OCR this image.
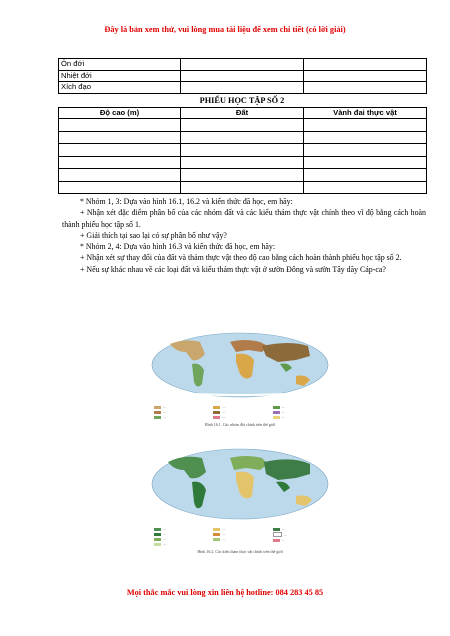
Đây là bản xem thử, vui lòng mua tài liệu để xem chi tiết (có lời giải)
Ôn đới		
Nhiệt đới		
Xích đạo		
PHIẾU HỌC TẬP SỐ 2
Độ cao (m)	Đất	Vành đai thực vật

* Nhóm 1, 3: Dựa vào hình 16.1, 16.2 và kiến thức đã học, em hãy:
+ Nhận xét đặc điểm phân bố của các nhóm đất và các kiểu thảm thực vật chính theo vĩ độ bằng cách hoàn thành phiếu học tập số 1.
+ Giải thích tại sao lại có sự phân bố như vậy?
* Nhóm 2, 4: Dựa vào hình 16.3 và kiến thức đã học, em hãy:
+ Nhận xét sự thay đổi của đất và thảm thực vật theo độ cao bằng cách hoàn thành phiếu học tập số 2.
+ Nếu sự khác nhau về các loại đất và kiểu thảm thực vật ở sườn Đông và sườn Tây dãy Cáp-ca?
—
—
—
—
—
—
—
—
—
Hình 16.1. Các nhóm đất chính trên thế giới
—
—
—
—
—
—
—
—
—
—
Hình 16.2. Các kiểu thảm thực vật chính trên thế giới
Mọi thắc mắc vui lòng xin liên hệ hotline: 084 283 45 85
